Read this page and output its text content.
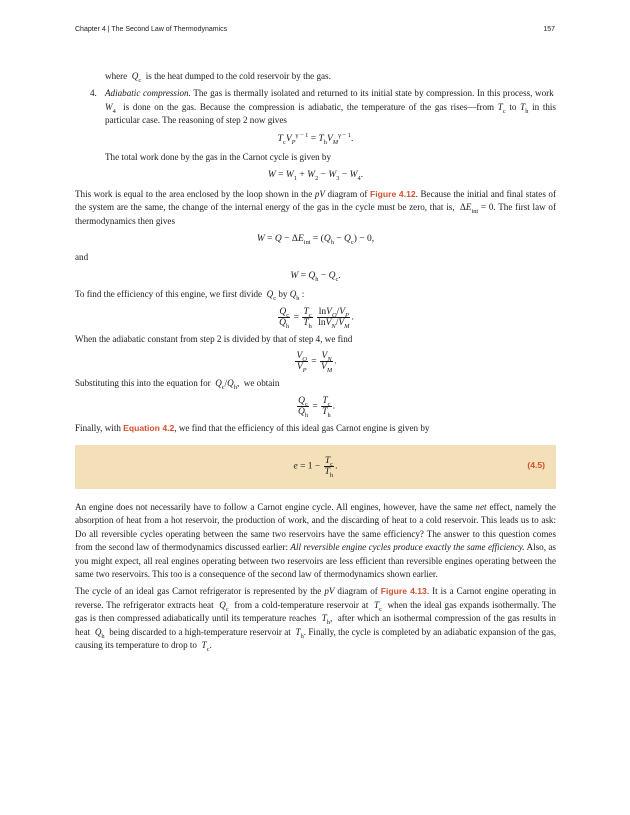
Chapter 4 | The Second Law of Thermodynamics	157

where $Q_c$ is the heat dumped to the cold reservoir by the gas.

4. Adiabatic compression. The gas is thermally isolated and returned to its initial state by compression. In this process, work  $W_4$ is done on the gas. Because the compression is adiabatic, the temperature of the gas rises—from $T_c$ to $T_h$ in this particular case. The reasoning of step 2 now gives

$T_cV_P^{\gamma - 1} = T_hV_M^{\gamma - 1}$.

The total work done by the gas in the Carnot cycle is given by

$W = W_1 + W_2 - W_3 - W_4$.

This work is equal to the area enclosed by the loop shown in the pV diagram of Figure 4.12. Because the initial and final states of the system are the same, the change of the internal energy of the gas in the cycle must be zero, that is,  $\Delta E_{int} = 0$. The first law of thermodynamics then gives

$W = Q - \Delta E_{int} = (Q_h - Q_c) - 0$,

and

$W = Q_h - Q_c$.

To find the efficiency of this engine, we first divide $Q_c$ by $Q_h$ :

$\frac{Q_c}{Q_h} = \frac{T_c}{T_h}$
$\frac{\ln V_Q/V_P}{\ln V_N/V_M}$ .

When the adiabatic constant from step 2 is divided by that of step 4, we find

$\frac{V_Q}{V_P} = \frac{V_N}{V_M}$ .

Substituting this into the equation for $Q_c/Q_h$,  we obtain

$\frac{Q_c}{Q_h} = \frac{T_c}{T_h}$ .

Finally, with Equation 4.2, we find that the efficiency of this ideal gas Carnot engine is given by

$e = 1 - \frac{T_c}{T_h}$ .	(4.5)

An engine does not necessarily have to follow a Carnot engine cycle. All engines, however, have the same net effect, namely the absorption of heat from a hot reservoir, the production of work, and the discarding of heat to a cold reservoir. This leads us to ask: Do all reversible cycles operating between the same two reservoirs have the same efficiency? The answer to this question comes from the second law of thermodynamics discussed earlier: All reversible engine cycles produce exactly the same efficiency. Also, as you might expect, all real engines operating between two reservoirs are less efficient than reversible engines operating between the same two reservoirs. This too is a consequence of the second law of thermodynamics shown earlier.

The cycle of an ideal gas Carnot refrigerator is represented by the pV diagram of Figure 4.13. It is a Carnot engine operating in reverse. The refrigerator extracts heat $Q_c$ from a cold-temperature reservoir at $T_c$ when the ideal gas expands isothermally. The gas is then compressed adiabatically until its temperature reaches $T_h$,  after which an isothermal compression of the gas results in heat $Q_h$ being discarded to a high-temperature reservoir at $T_h$. Finally, the cycle is completed by an adiabatic expansion of the gas, causing its temperature to drop to $T_c$.
